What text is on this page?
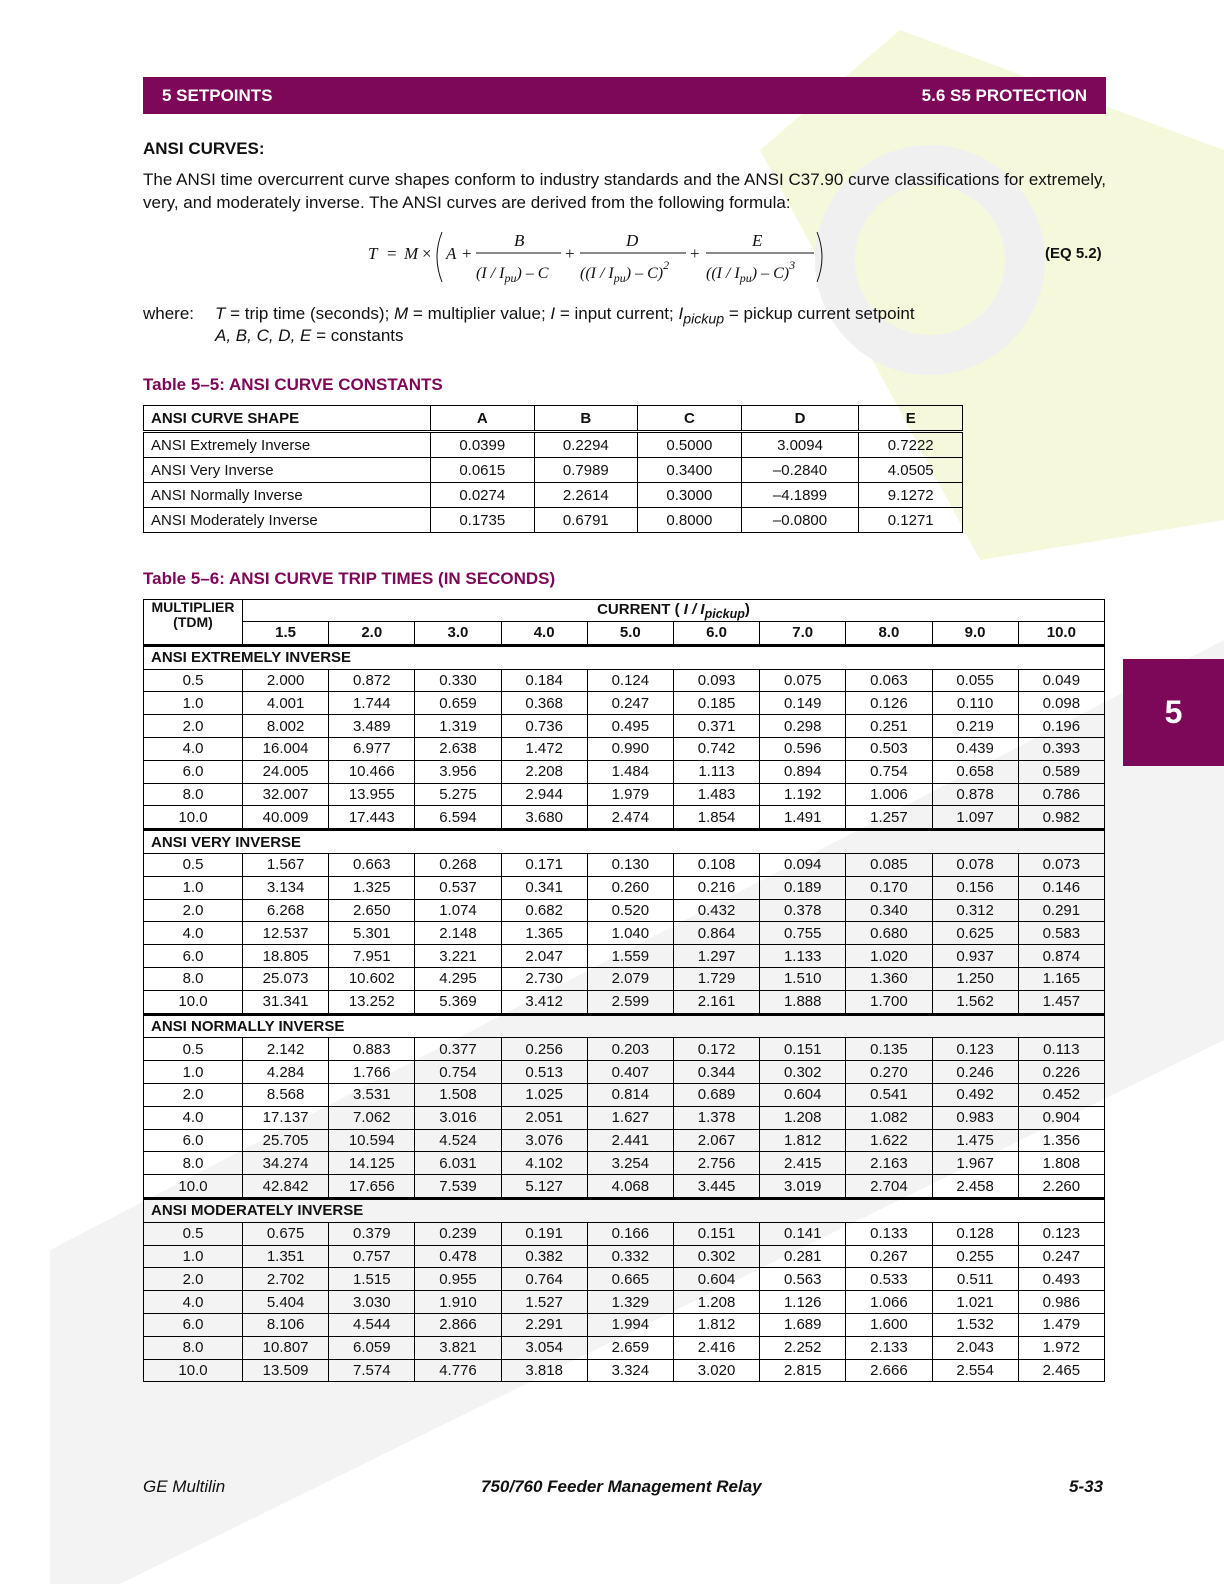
5 SETPOINTS	5.6 S5 PROTECTION
5
ANSI CURVES:

The ANSI time overcurrent curve shapes conform to industry standards and the ANSI C37.90 curve classifications for extremely, very, and moderately inverse. The ANSI curves are derived from the following formula:

T = M × A +
B
$(I / I_{pu})$ – C
+
D
$((I / I_{pu}) - C)^2$
+
E
$((I / I_{pu}) - C)^3$
(EQ 5.2)
where: T = trip time (seconds); M = multiplier value; I = input current; $I_{pickup}$ = pickup current setpoint
A, B, C, D, E = constants
Table 5–5: ANSI CURVE CONSTANTS
ANSI CURVE SHAPE	A	B	C	D	E
ANSI Extremely Inverse	0.0399	0.2294	0.5000	3.0094	0.7222
ANSI Very Inverse	0.0615	0.7989	0.3400	–0.2840	4.0505
ANSI Normally Inverse	0.0274	2.2614	0.3000	–4.1899	9.1272
ANSI Moderately Inverse	0.1735	0.6791	0.8000	–0.0800	0.1271
Table 5–6: ANSI CURVE TRIP TIMES (IN SECONDS)
MULTIPLIER
(TDM)	CURRENT ( I / $I_{pickup}$)									
	1.5	2.0	3.0	4.0	5.0	6.0	7.0	8.0	9.0	10.0

ANSI EXTREMELY INVERSE										
0.5	2.000	0.872	0.330	0.184	0.124	0.093	0.075	0.063	0.055	0.049
1.0	4.001	1.744	0.659	0.368	0.247	0.185	0.149	0.126	0.110	0.098
2.0	8.002	3.489	1.319	0.736	0.495	0.371	0.298	0.251	0.219	0.196
4.0	16.004	6.977	2.638	1.472	0.990	0.742	0.596	0.503	0.439	0.393
6.0	24.005	10.466	3.956	2.208	1.484	1.113	0.894	0.754	0.658	0.589
8.0	32.007	13.955	5.275	2.944	1.979	1.483	1.192	1.006	0.878	0.786
10.0	40.009	17.443	6.594	3.680	2.474	1.854	1.491	1.257	1.097	0.982

ANSI VERY INVERSE										
0.5	1.567	0.663	0.268	0.171	0.130	0.108	0.094	0.085	0.078	0.073
1.0	3.134	1.325	0.537	0.341	0.260	0.216	0.189	0.170	0.156	0.146
2.0	6.268	2.650	1.074	0.682	0.520	0.432	0.378	0.340	0.312	0.291
4.0	12.537	5.301	2.148	1.365	1.040	0.864	0.755	0.680	0.625	0.583
6.0	18.805	7.951	3.221	2.047	1.559	1.297	1.133	1.020	0.937	0.874
8.0	25.073	10.602	4.295	2.730	2.079	1.729	1.510	1.360	1.250	1.165
10.0	31.341	13.252	5.369	3.412	2.599	2.161	1.888	1.700	1.562	1.457

ANSI NORMALLY INVERSE										
0.5	2.142	0.883	0.377	0.256	0.203	0.172	0.151	0.135	0.123	0.113
1.0	4.284	1.766	0.754	0.513	0.407	0.344	0.302	0.270	0.246	0.226
2.0	8.568	3.531	1.508	1.025	0.814	0.689	0.604	0.541	0.492	0.452
4.0	17.137	7.062	3.016	2.051	1.627	1.378	1.208	1.082	0.983	0.904
6.0	25.705	10.594	4.524	3.076	2.441	2.067	1.812	1.622	1.475	1.356
8.0	34.274	14.125	6.031	4.102	3.254	2.756	2.415	2.163	1.967	1.808
10.0	42.842	17.656	7.539	5.127	4.068	3.445	3.019	2.704	2.458	2.260

ANSI MODERATELY INVERSE										
0.5	0.675	0.379	0.239	0.191	0.166	0.151	0.141	0.133	0.128	0.123
1.0	1.351	0.757	0.478	0.382	0.332	0.302	0.281	0.267	0.255	0.247
2.0	2.702	1.515	0.955	0.764	0.665	0.604	0.563	0.533	0.511	0.493
4.0	5.404	3.030	1.910	1.527	1.329	1.208	1.126	1.066	1.021	0.986
6.0	8.106	4.544	2.866	2.291	1.994	1.812	1.689	1.600	1.532	1.479
8.0	10.807	6.059	3.821	3.054	2.659	2.416	2.252	2.133	2.043	1.972
10.0	13.509	7.574	4.776	3.818	3.324	3.020	2.815	2.666	2.554	2.465
GE Multilin	750/760 Feeder Management Relay	5-33
